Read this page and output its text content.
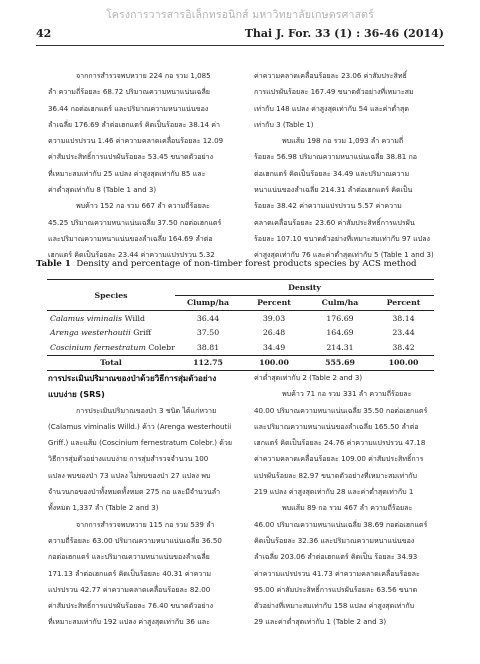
โครงการวารสารอิเล็กทรอนิกส์ มหาวิทยาลัยเกษตรศาสตร์
42	Thai J. For. 33 (1) : 36-46 (2014)
จากการสำรวจพบหวาย 224 กอ รวม 1,085
ลำ ความถี่ร้อยละ 68.72 ปริมาณความหนาแน่นเฉลี่ย
36.44 กอต่อเฮกแตร์ และปริมาณความหนาแน่นของ
ลำเฉลี่ย 176.69 ลำต่อเฮกแตร์ คิดเป็นร้อยละ 38.14 ค่า
ความแปรปรวน 1.46 ค่าความคลาดเคลื่อนร้อยละ 12.09
ค่าสัมประสิทธิ์การแปรผันร้อยละ 53.45 ขนาดตัวอย่าง
ที่เหมาะสมเท่ากับ 25 แปลง ค่าสูงสุดเท่ากับ 85 และ
ค่าต่ำสุดเท่ากับ 8 (Table 1 and 3)
พบค้าว 152 กอ รวม 667 ลำ ความถี่ร้อยละ
45.25 ปริมาณความหนาแน่นเฉลี่ย 37.50 กอต่อเฮกแตร์
และปริมาณความหนาแน่นของลำเฉลี่ย 164.69 ลำต่อ
เฮกแตร์ คิดเป็นร้อยละ 23.44 ค่าความแปรปรวน 5.32
ค่าความคลาดเคลื่อนร้อยละ 23.06 ค่าสัมประสิทธิ์
การแปรผันร้อยละ 167.49 ขนาดตัวอย่างที่เหมาะสม
เท่ากับ 148 แปลง ค่าสูงสุดเท่ากับ 54 และค่าต่ำสุด
เท่ากับ 3 (Table 1)
พบแส้ม 198 กอ รวม 1,093 ลำ ความถี่
ร้อยละ 56.98 ปริมาณความหนาแน่นเฉลี่ย 38.81 กอ
ต่อเฮกแตร์ คิดเป็นร้อยละ 34.49 และปริมาณความ
หนาแน่นของลำเฉลี่ย 214.31 ลำต่อเฮกแตร์ คิดเป็น
ร้อยละ 38.42 ค่าความแปรปรวน 5.57 ค่าความ
คลาดเคลื่อนร้อยละ 23.60 ค่าสัมประสิทธิ์การแปรผัน
ร้อยละ 107.10 ขนาดตัวอย่างที่เหมาะสมเท่ากับ 97 แปลง
ค่าสูงสุดเท่ากับ 76 และค่าต่ำสุดเท่ากับ 5 (Table 1 and 3)
Table 1 Density and percentage of non-timber forest products species by ACS method
Species	Density			
	Clump/ha	Percent	Culm/ha	Percent
Calamus viminalis Willd	36.44	39.03	176.69	38.14
Arenga westerhoutii Griff	37.50	26.48	164.69	23.44
Coscinium fernestratum Colebr	38.81	34.49	214.31	38.42
Total	112.75	100.00	555.69	100.00
การประเมินปริมาณของป่าด้วยวิธีการสุ่มตัวอย่าง
แบบง่าย (SRS)
การประเมินปริมาณของป่า 3 ชนิด ได้แก่หวาย
(Calamus viminalis Willd.) ค้าว (Arenga westerhoutii
Griff.) และแส้ม (Coscinium fernestratum Colebr.) ด้วย
วิธีการสุ่มตัวอย่างแบบง่าย การสุ่มสำรวจจำนวน 100
แปลง พบของป่า 73 แปลง ไม่พบของป่า 27 แปลง พบ
จำนวนกอของป่าทั้งหมดทั้งหมด 275 กอ และมีจำนวนลำ
ทั้งหมด 1,337 ลำ (Table 2 and 3)
จากการสำรวจพบหวาย 115 กอ รวม 539 ลำ
ความถี่ร้อยละ 63.00 ปริมาณความหนาแน่นเฉลี่ย 36.50
กอต่อเฮกแตร์ และปริมาณความหนาแน่นของลำเฉลี่ย
171.13 ลำต่อเฮกแตร์ คิดเป็นร้อยละ 40.31 ค่าความ
แปรปรวน 42.77 ค่าความคลาดเคลื่อนร้อยละ 82.00
ค่าสัมประสิทธิ์การแปรผันร้อยละ 76.40 ขนาดตัวอย่าง
ที่เหมาะสมเท่ากับ 192 แปลง ค่าสูงสุดเท่ากับ 36 และ
ค่าต่ำสุดเท่ากับ 2 (Table 2 and 3)
พบค้าว 71 กอ รวม 331 ลำ ความถี่ร้อยละ
40.00 ปริมาณความหนาแน่นเฉลี่ย 35.50 กอต่อเฮกแตร์
และปริมาณความหนาแน่นของลำเฉลี่ย 165.50 ลำต่อ
เฮกแตร์ คิดเป็นร้อยละ 24.76 ค่าความแปรปรวน 47.18
ค่าความคลาดเคลื่อนร้อยละ 109.00 ค่าสัมประสิทธิ์การ
แปรผันร้อยละ 82.97 ขนาดตัวอย่างที่เหมาะสมเท่ากับ
219 แปลง ค่าสูงสุดเท่ากับ 28 และค่าต่ำสุดเท่ากับ 1
พบแส้ม 89 กอ รวม 467 ลำ ความถี่ร้อยละ
46.00 ปริมาณความหนาแน่นเฉลี่ย 38.69 กอต่อเฮกแตร์
คิดเป็นร้อยละ 32.36 และปริมาณความหนาแน่นของ
ลำเฉลี่ย 203.06 ลำต่อเฮกแตร์ คิดเป็น ร้อยละ 34.93
ค่าความแปรปรวน 41.73 ค่าความคลาดเคลื่อนร้อยละ
95.00 ค่าสัมประสิทธิ์การแปรผันร้อยละ 63.56 ขนาด
ตัวอย่างที่เหมาะสมเท่ากับ 158 แปลง ค่าสูงสุดเท่ากับ
29 และค่าต่ำสุดเท่ากับ 1 (Table 2 and 3)
